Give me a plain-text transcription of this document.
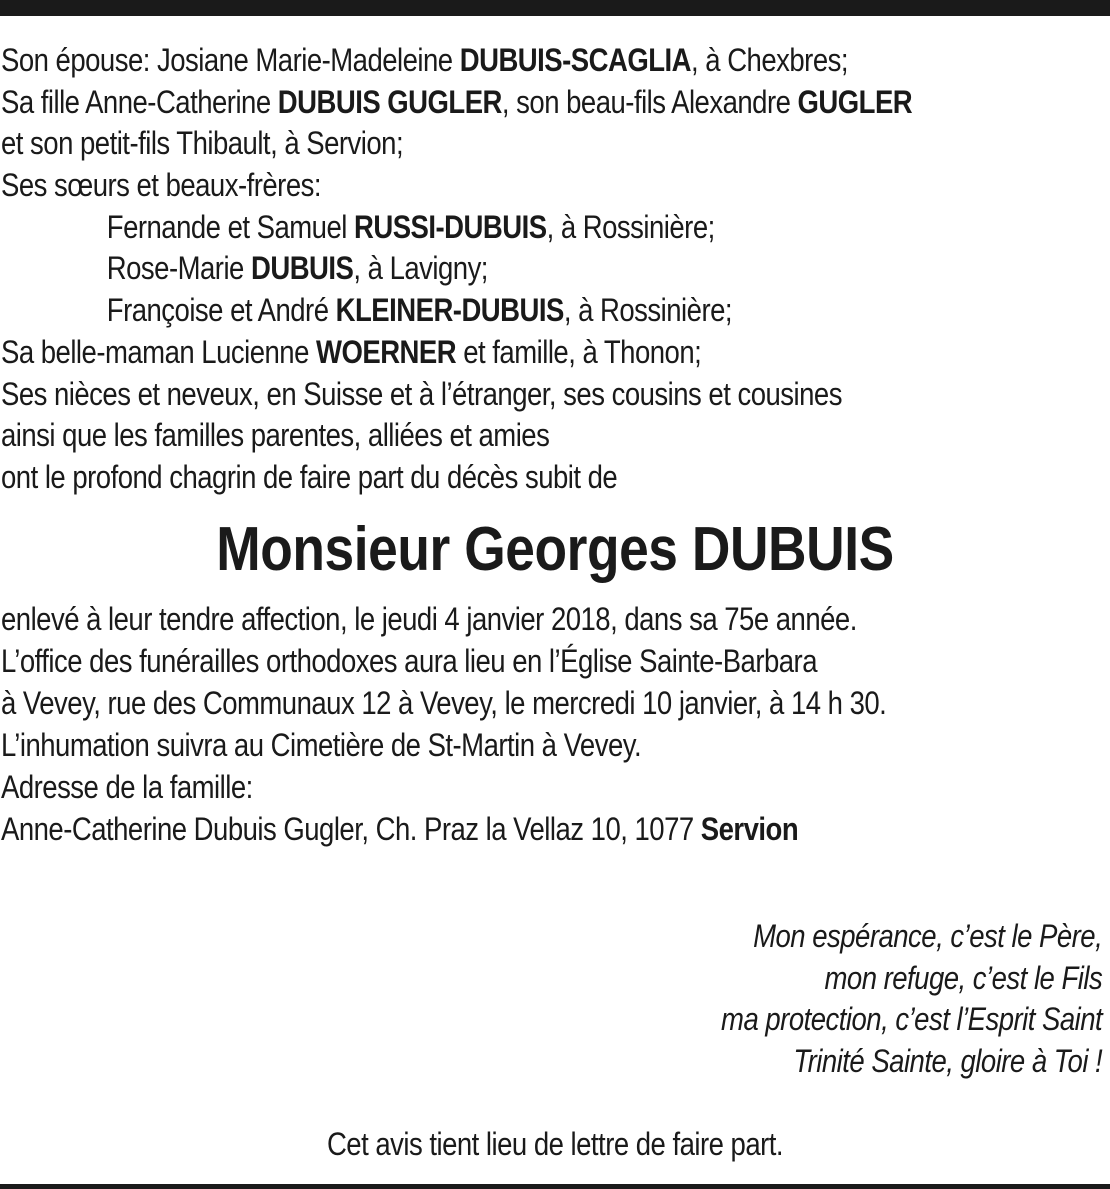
Son épouse: Josiane Marie-Madeleine DUBUIS-SCAGLIA, à Chexbres;
Sa fille Anne-Catherine DUBUIS GUGLER, son beau-fils Alexandre GUGLER
et son petit-fils Thibault, à Servion;
Ses sœurs et beaux-frères:
Fernande et Samuel RUSSI-DUBUIS, à Rossinière;
Rose-Marie DUBUIS, à Lavigny;
Françoise et André KLEINER-DUBUIS, à Rossinière;
Sa belle-maman Lucienne WOERNER et famille, à Thonon;
Ses nièces et neveux, en Suisse et à l’étranger, ses cousins et cousines
ainsi que les familles parentes, alliées et amies
ont le profond chagrin de faire part du décès subit de
Monsieur Georges DUBUIS
enlevé à leur tendre affection, le jeudi 4 janvier 2018, dans sa 75e année.
L’office des funérailles orthodoxes aura lieu en l’Église Sainte-Barbara
à Vevey, rue des Communaux 12 à Vevey, le mercredi 10 janvier, à 14 h 30.
L’inhumation suivra au Cimetière de St-Martin à Vevey.
Adresse de la famille:
Anne-Catherine Dubuis Gugler, Ch. Praz la Vellaz 10, 1077 Servion
Mon espérance, c’est le Père,
mon refuge, c’est le Fils
ma protection, c’est l’Esprit Saint
Trinité Sainte, gloire à Toi !
Cet avis tient lieu de lettre de faire part.
